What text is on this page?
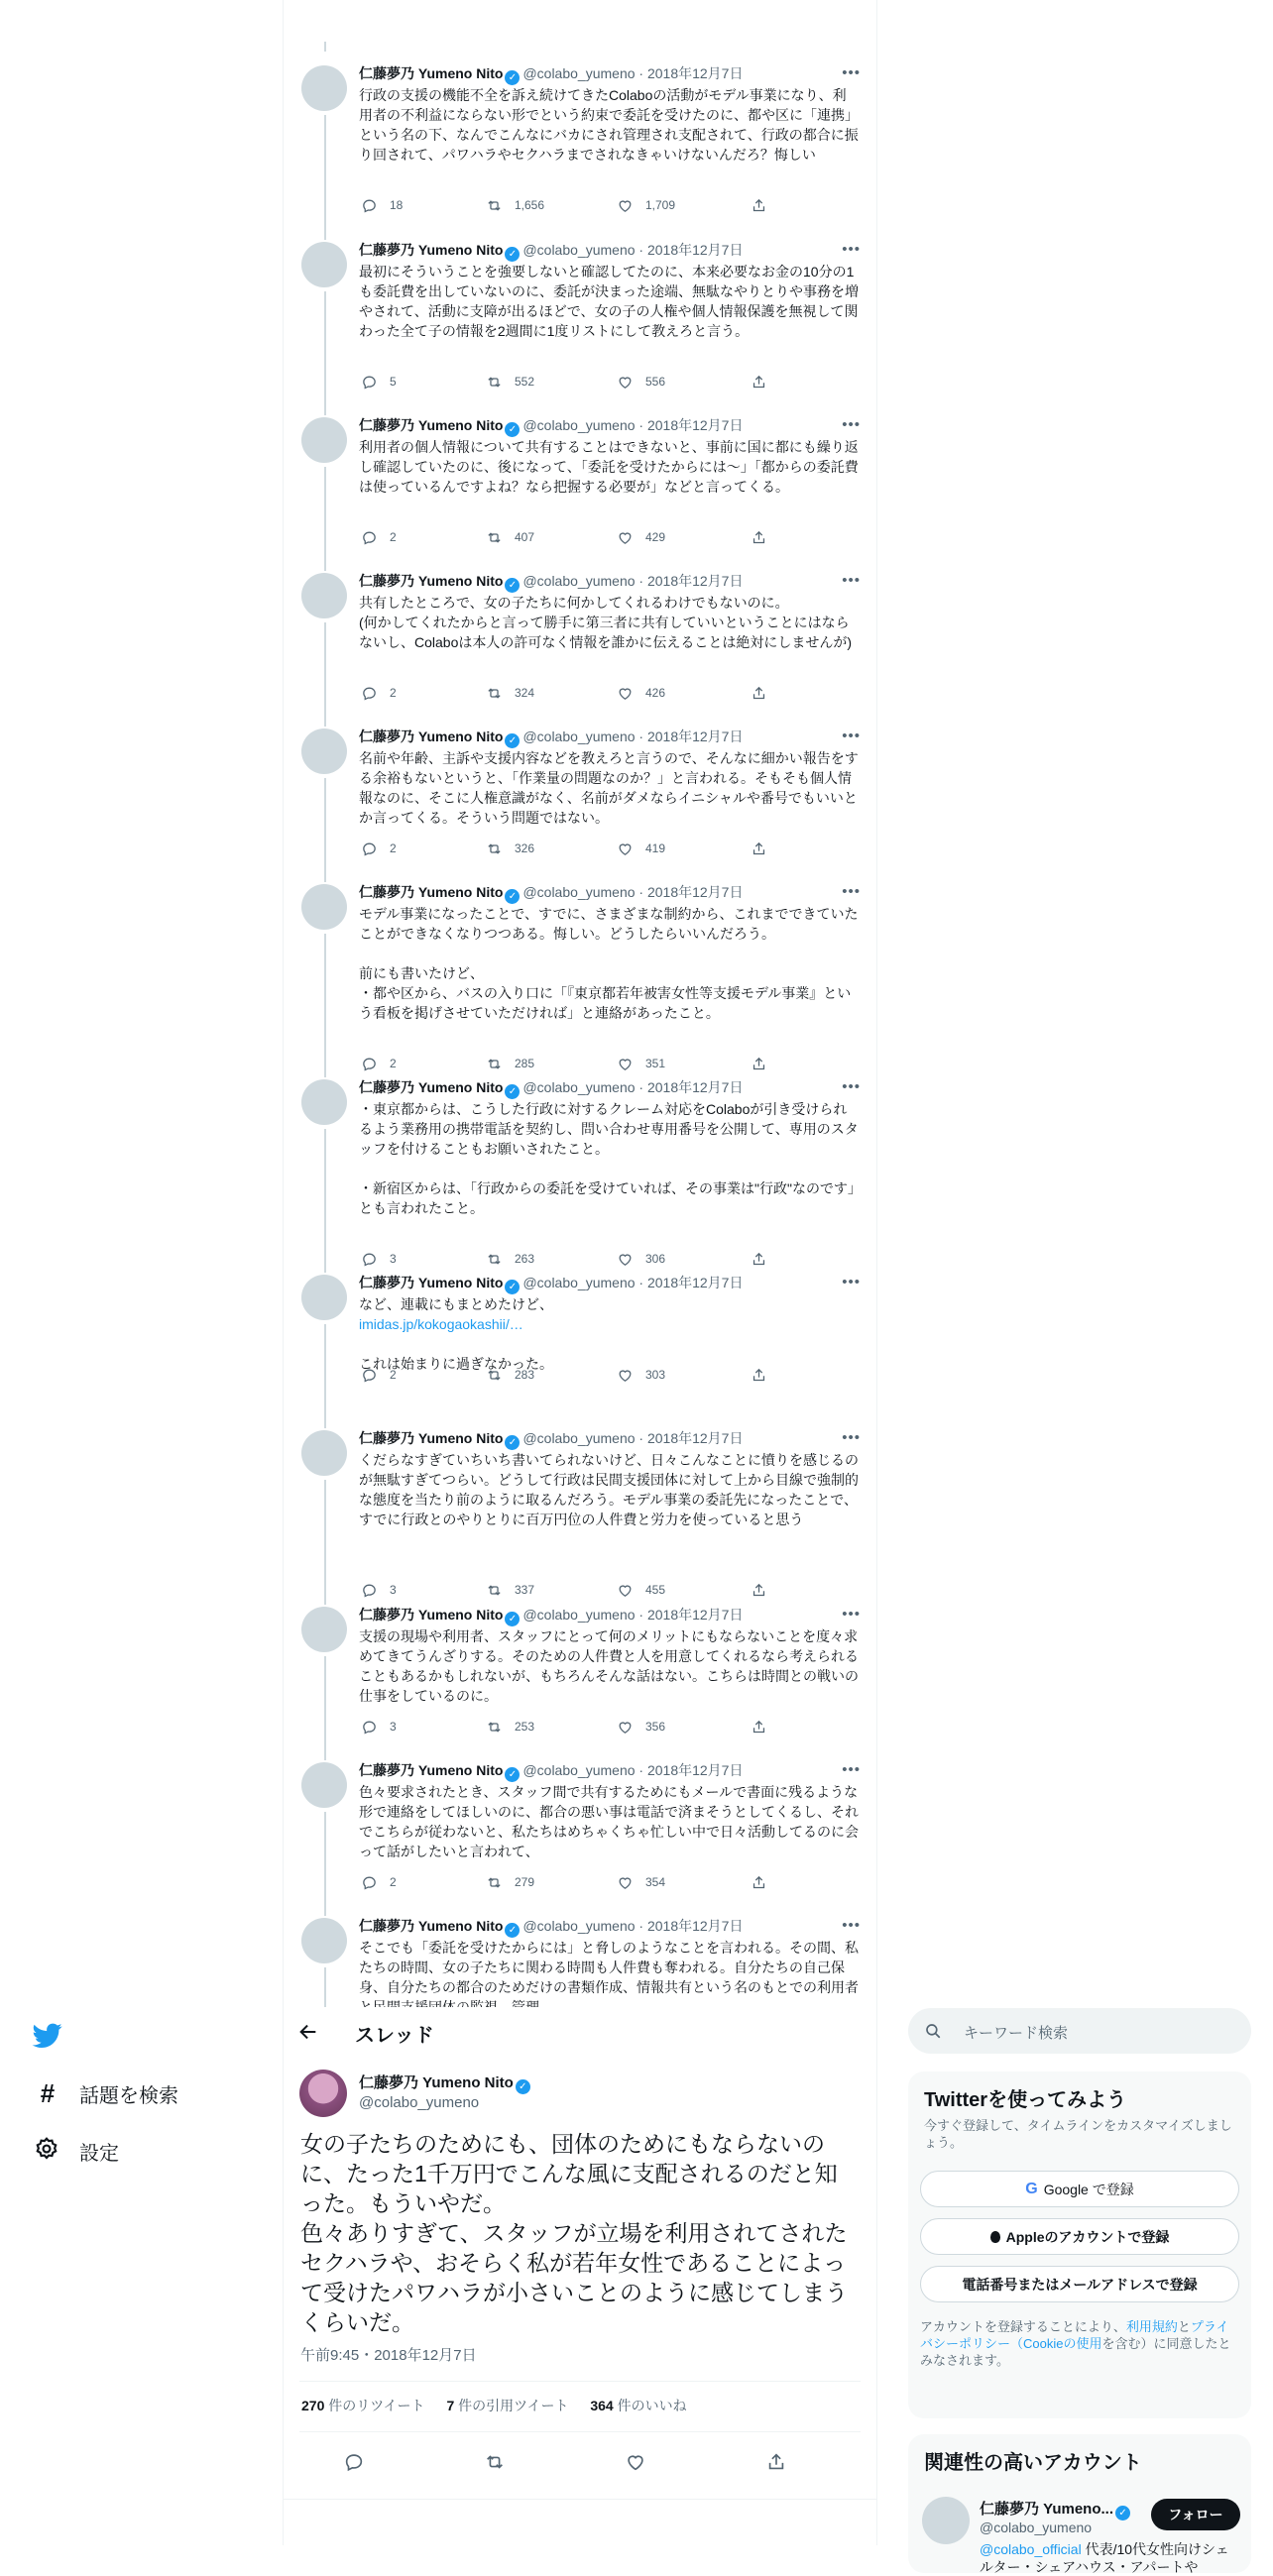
仁藤夢乃 Yumeno Nito ✓ @colabo_yumeno · 2018年12月7日	•••
行政の支援の機能不全を訴え続けてきたColaboの活動がモデル事業になり、利用者の不利益にならない形でという約束で委託を受けたのに、都や区に「連携」という名の下、なんでこんなにバカにされ管理され支配されて、行政の都合に振り回されて、パワハラやセクハラまでされなきゃいけないんだろ？悔しい
18	1,656	1,709
仁藤夢乃 Yumeno Nito ✓ @colabo_yumeno · 2018年12月7日	•••
最初にそういうことを強要しないと確認してたのに、本来必要なお金の10分の1も委託費を出していないのに、委託が決まった途端、無駄なやりとりや事務を増やされて、活動に支障が出るほどで、女の子の人権や個人情報保護を無視して関わった全て子の情報を2週間に1度リストにして教えろと言う。
5	552	556
仁藤夢乃 Yumeno Nito ✓ @colabo_yumeno · 2018年12月7日	•••
利用者の個人情報について共有することはできないと、事前に国に都にも繰り返し確認していたのに、後になって、「委託を受けたからには〜」「都からの委託費は使っているんですよね？なら把握する必要が」などと言ってくる。
2	407	429
仁藤夢乃 Yumeno Nito ✓ @colabo_yumeno · 2018年12月7日	•••
共有したところで、女の子たちに何かしてくれるわけでもないのに。
(何かしてくれたからと言って勝手に第三者に共有していいということにはならないし、Colaboは本人の許可なく情報を誰かに伝えることは絶対にしませんが)
2	324	426
仁藤夢乃 Yumeno Nito ✓ @colabo_yumeno · 2018年12月7日	•••
名前や年齢、主訴や支援内容などを教えろと言うので、そんなに細かい報告をする余裕もないというと、「作業量の問題なのか？」と言われる。そもそも個人情報なのに、そこに人権意識がなく、名前がダメならイニシャルや番号でもいいとか言ってくる。そういう問題ではない。
2	326	419
仁藤夢乃 Yumeno Nito ✓ @colabo_yumeno · 2018年12月7日	•••
モデル事業になったことで、すでに、さまざまな制約から、これまでできていたことができなくなりつつある。悔しい。どうしたらいいんだろう。

前にも書いたけど、
・都や区から、バスの入り口に「『東京都若年被害女性等支援モデル事業』という看板を掲げさせていただければ」と連絡があったこと。
2	285	351
仁藤夢乃 Yumeno Nito ✓ @colabo_yumeno · 2018年12月7日	•••
・東京都からは、こうした行政に対するクレーム対応をColaboが引き受けられるよう業務用の携帯電話を契約し、問い合わせ専用番号を公開して、専用のスタッフを付けることもお願いされたこと。

・新宿区からは、「行政からの委託を受けていれば、その事業は"行政"なのです」とも言われたこと。
3	263	306
仁藤夢乃 Yumeno Nito ✓ @colabo_yumeno · 2018年12月7日	•••
など、連載にもまとめたけど、
imidas.jp/kokogaokashii/…

これは始まりに過ぎなかった。
2	283	303
仁藤夢乃 Yumeno Nito ✓ @colabo_yumeno · 2018年12月7日	•••
くだらなすぎていちいち書いてられないけど、日々こんなことに憤りを感じるのが無駄すぎてつらい。どうして行政は民間支援団体に対して上から目線で強制的な態度を当たり前のように取るんだろう。モデル事業の委託先になったことで、すでに行政とのやりとりに百万円位の人件費と労力を使っていると思う
3	337	455
仁藤夢乃 Yumeno Nito ✓ @colabo_yumeno · 2018年12月7日	•••
支援の現場や利用者、スタッフにとって何のメリットにもならないことを度々求めてきてうんざりする。そのための人件費と人を用意してくれるなら考えられることもあるかもしれないが、もちろんそんな話はない。こちらは時間との戦いの仕事をしているのに。
3	253	356
仁藤夢乃 Yumeno Nito ✓ @colabo_yumeno · 2018年12月7日	•••
色々要求されたとき、スタッフ間で共有するためにもメールで書面に残るような形で連絡をしてほしいのに、都合の悪い事は電話で済まそうとしてくるし、それでこちらが従わないと、私たちはめちゃくちゃ忙しい中で日々活動してるのに会って話がしたいと言われて、
2	279	354
仁藤夢乃 Yumeno Nito ✓ @colabo_yumeno · 2018年12月7日	•••
そこでも「委託を受けたからには」と脅しのようなことを言われる。その間、私たちの時間、女の子たちに関わる時間も人件費も奪われる。自分たちの自己保身、自分たちの都合のためだけの書類作成、情報共有という名のもとでの利用者
#	話題を検索
設定
スレッド
仁藤夢乃 Yumeno Nito ✓
@colabo_yumeno
女の子たちのためにも、団体のためにもならないのに、たった1千万円でこんな風に支配されるのだと知った。もういやだ。
色々ありすぎて、スタッフが立場を利用されてされたセクハラや、おそらく私が若年女性であることによって受けたパワハラが小さいことのように感じてしまうくらいだ。
午前9:45・2018年12月7日
270 件のリツイート 7 件の引用ツイート 364 件のいいね
キーワード検索
Twitterを使ってみよう
今すぐ登録して、タイムラインをカスタマイズしましょう。
G Google で登録
Appleのアカウントで登録
電話番号またはメールアドレスで登録
アカウントを登録することにより、利用規約とプライバシーポリシー（Cookieの使用を含む）に同意したとみなされます。
関連性の高いアカウント
仁藤夢乃 Yumeno... ✓
@colabo_yumeno
フォロー
@colabo_official 代表/10代女性向けシェルター・シェアハウス・アパートや
